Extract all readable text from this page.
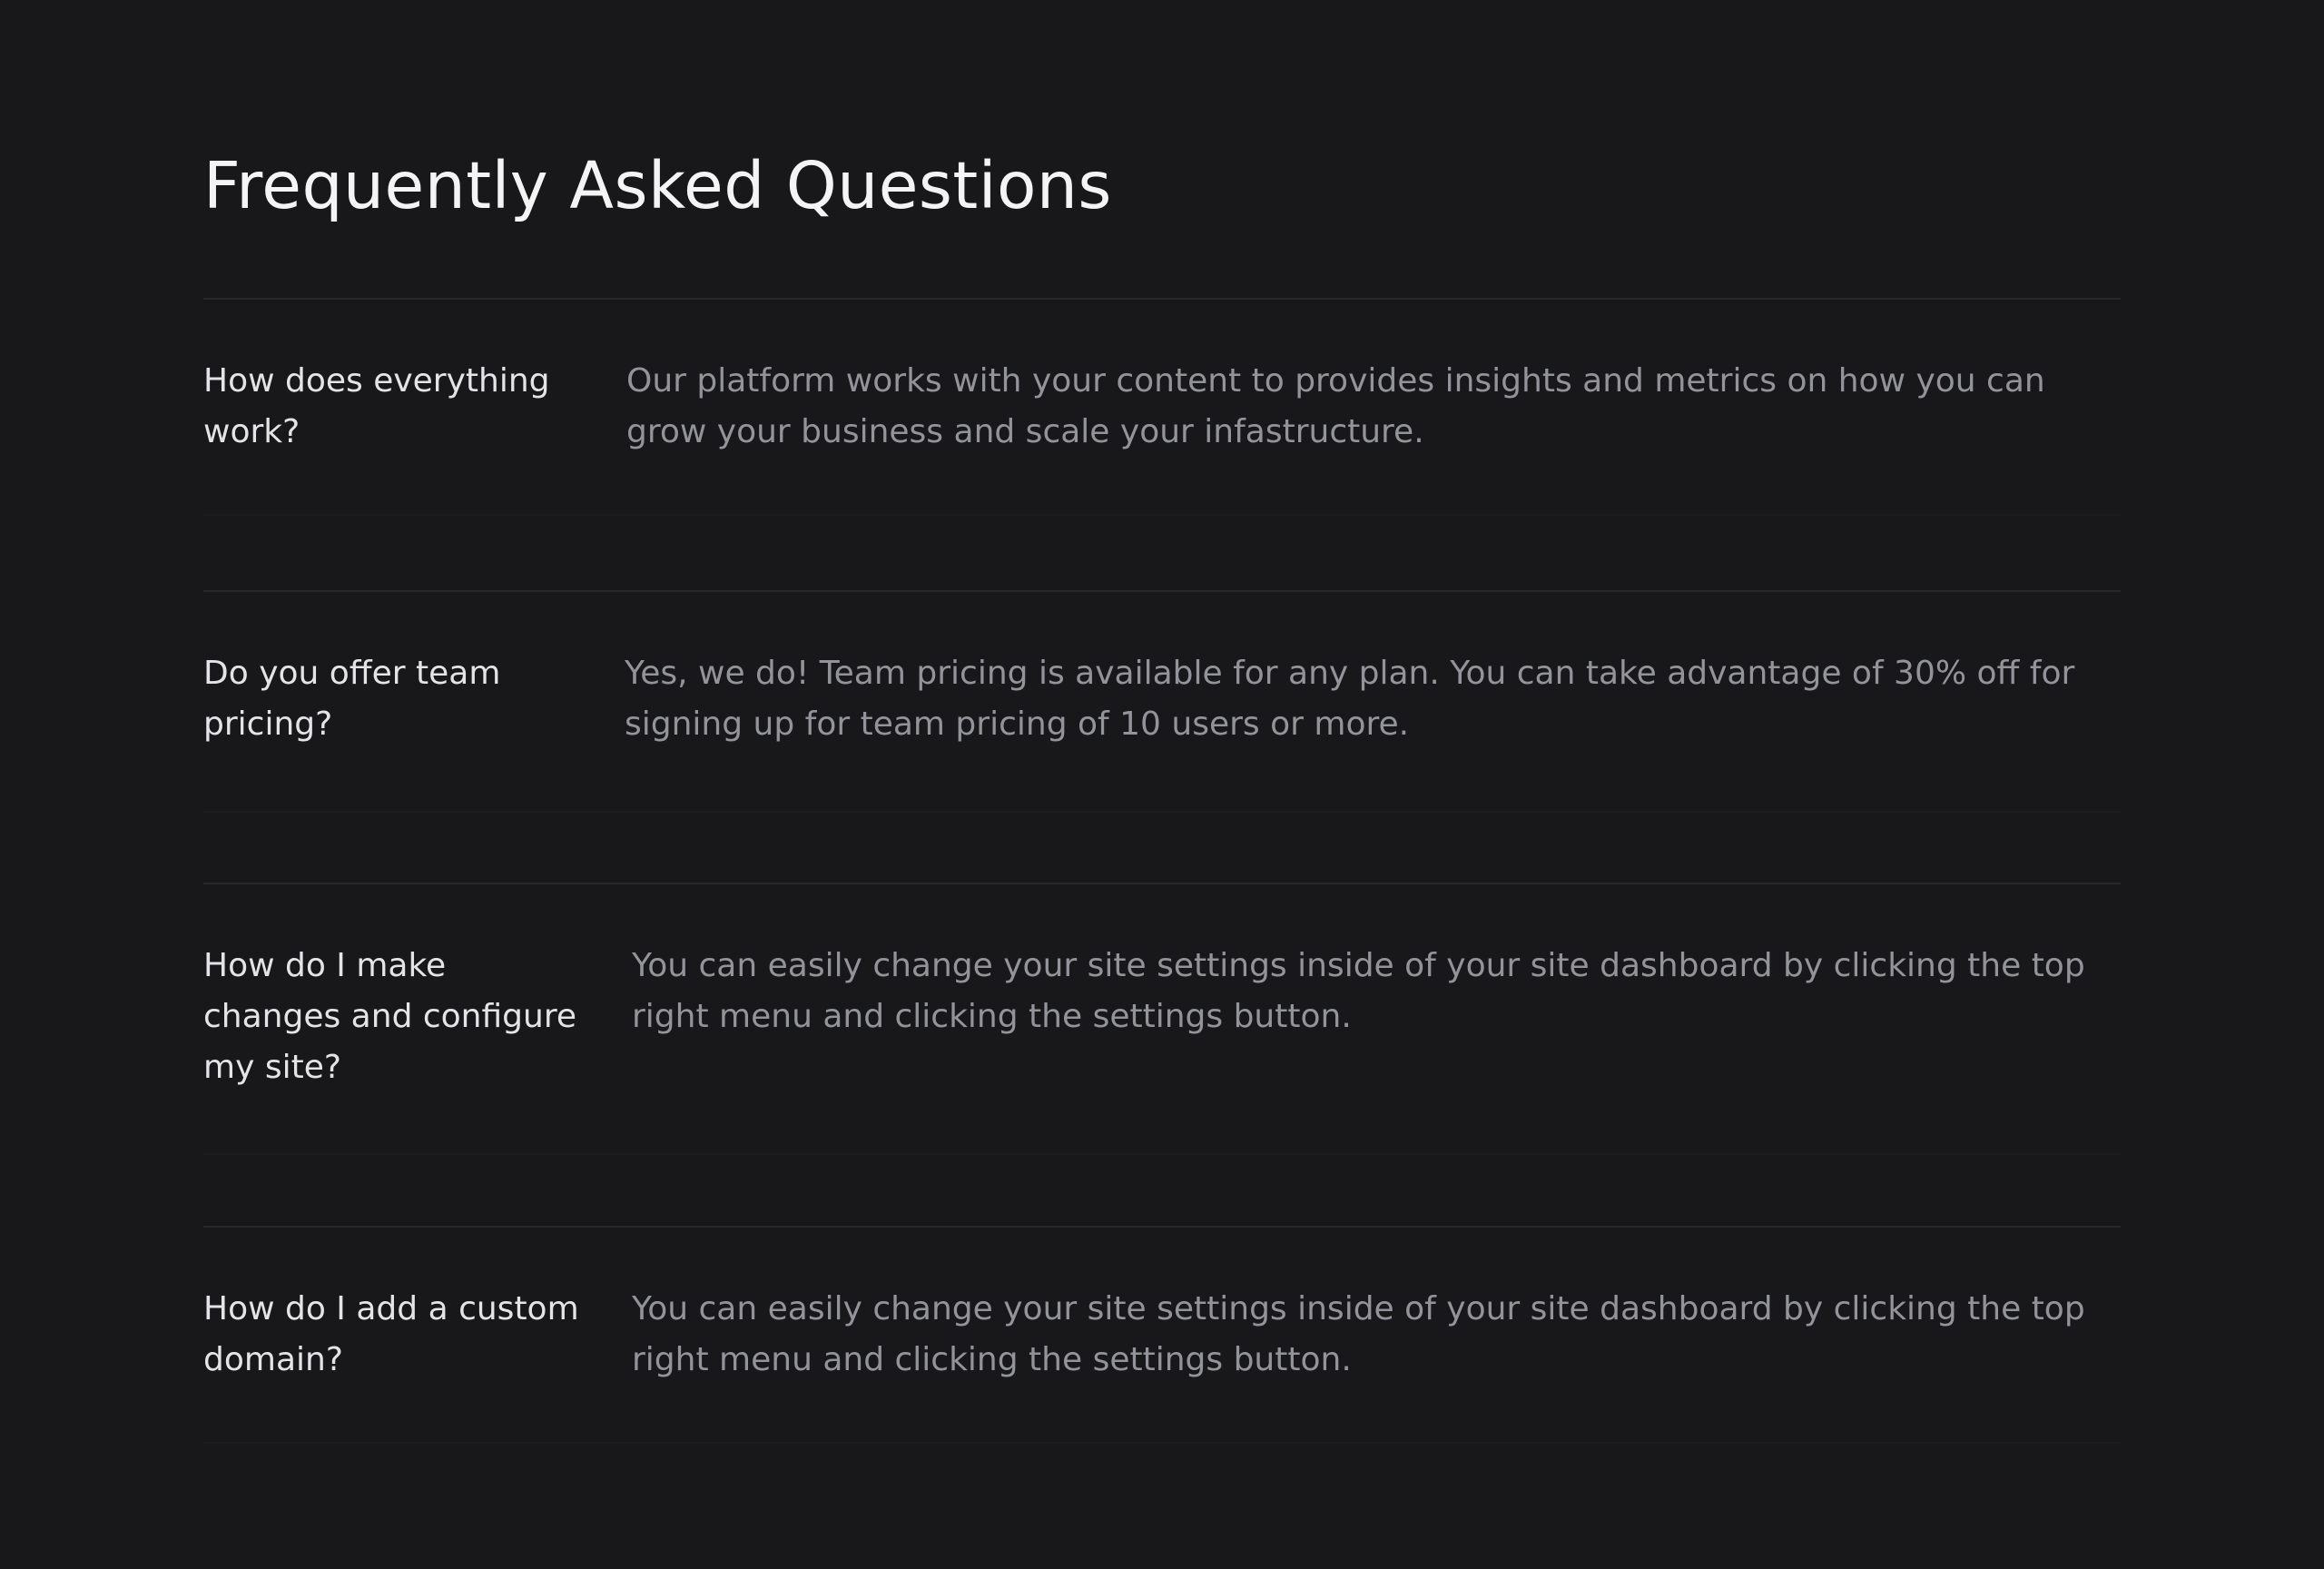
Frequently Asked Questions
How does everything work?
Our platform works with your content to provides insights and metrics on how you can grow your business and scale your infastructure.
Do you offer team pricing?
Yes, we do! Team pricing is available for any plan. You can take advantage of 30% off for signing up for team pricing of 10 users or more.
How do I make changes and configure my site?
You can easily change your site settings inside of your site dashboard by clicking the top right menu and clicking the settings button.
How do I add a custom domain?
You can easily change your site settings inside of your site dashboard by clicking the top right menu and clicking the settings button.
